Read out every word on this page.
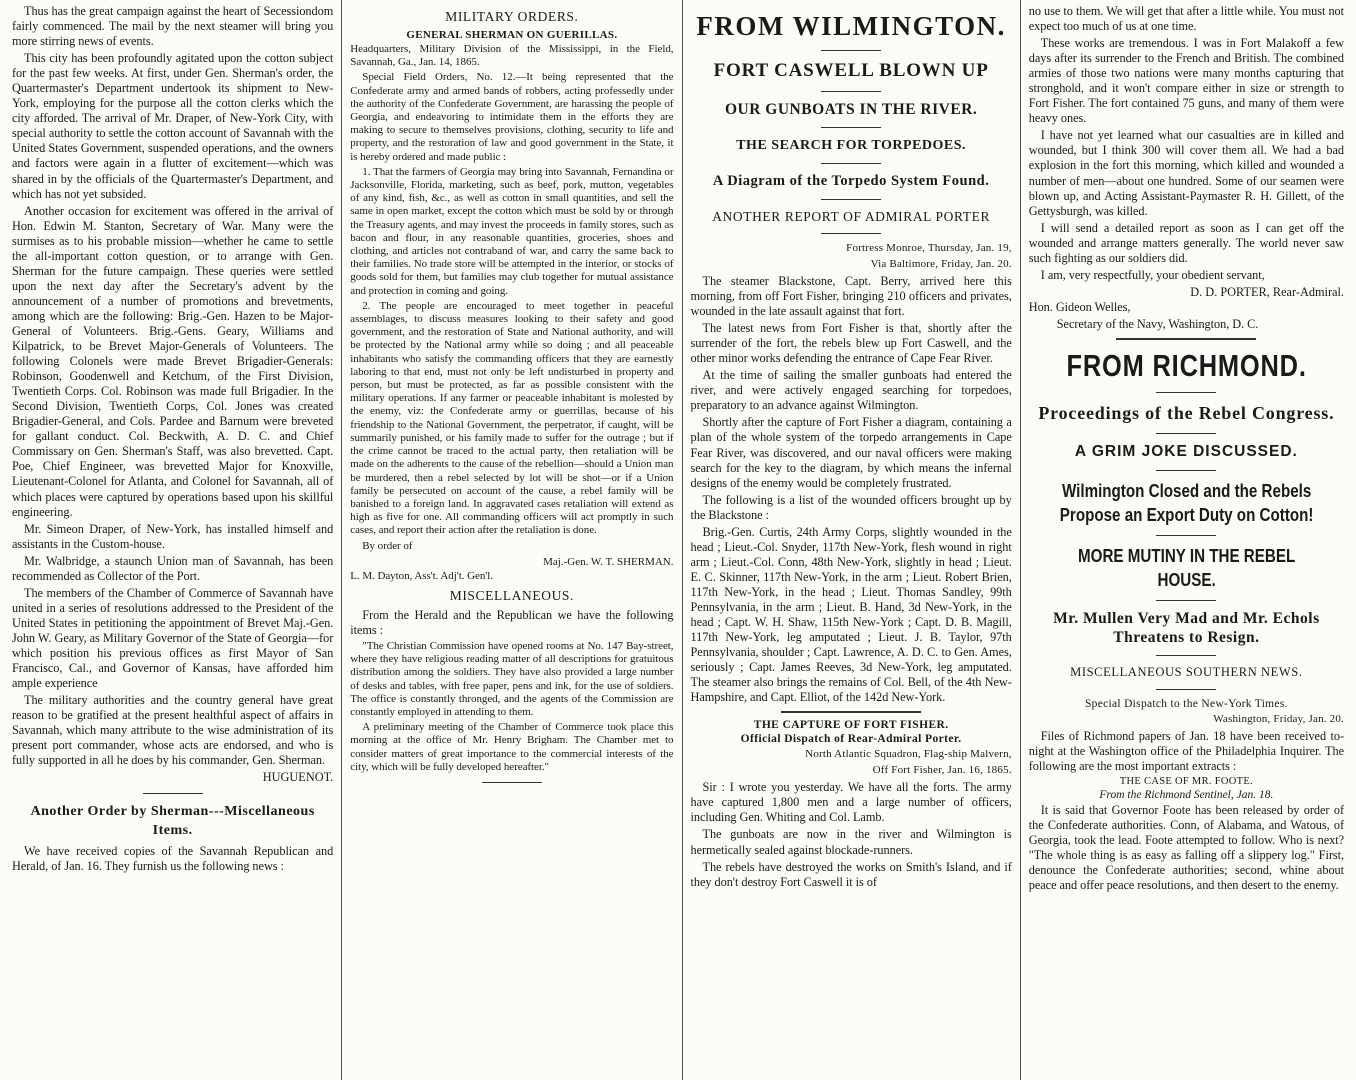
Thus has the great campaign against the heart of Secessiondom fairly commenced. The mail by the next steamer will bring you more stirring news of events.

This city has been profoundly agitated upon the cotton subject for the past few weeks. At first, under Gen. Sherman's order, the Quartermaster's Department undertook its shipment to New-York, employing for the purpose all the cotton clerks which the city afforded. The arrival of Mr. Draper, of New-York City, with special authority to settle the cotton account of Savannah with the United States Government, suspended operations, and the owners and factors were again in a flutter of excitement—which was shared in by the officials of the Quartermaster's Department, and which has not yet subsided.

Another occasion for excitement was offered in the arrival of Hon. Edwin M. Stanton, Secretary of War. Many were the surmises as to his probable mission—whether he came to settle the all-important cotton question, or to arrange with Gen. Sherman for the future campaign. These queries were settled upon the next day after the Secretary's advent by the announcement of a number of promotions and brevetments, among which are the following: Brig.-Gen. Hazen to be Major-General of Volunteers. Brig.-Gens. Geary, Williams and Kilpatrick, to be Brevet Major-Generals of Volunteers. The following Colonels were made Brevet Brigadier-Generals: Robinson, Goodenwell and Ketchum, of the First Division, Twentieth Corps. Col. Robinson was made full Brigadier. In the Second Division, Twentieth Corps, Col. Jones was created Brigadier-General, and Cols. Pardee and Barnum were breveted for gallant conduct. Col. Beckwith, A. D. C. and Chief Commissary on Gen. Sherman's Staff, was also brevetted. Capt. Poe, Chief Engineer, was brevetted Major for Knoxville, Lieutenant-Colonel for Atlanta, and Colonel for Savannah, all of which places were captured by operations based upon his skillful engineering.

Mr. Simeon Draper, of New-York, has installed himself and assistants in the Custom-house.

Mr. Walbridge, a staunch Union man of Savannah, has been recommended as Collector of the Port.

The members of the Chamber of Commerce of Savannah have united in a series of resolutions addressed to the President of the United States in petitioning the appointment of Brevet Maj.-Gen. John W. Geary, as Military Governor of the State of Georgia—for which position his previous offices as first Mayor of San Francisco, Cal., and Governor of Kansas, have afforded him ample experience

The military authorities and the country general have great reason to be gratified at the present healthful aspect of affairs in Savannah, which many attribute to the wise administration of its present port commander, whose acts are endorsed, and who is fully supported in all he does by his commander, Gen. Sherman.

HUGUENOT.

Another Order by Sherman---Miscellaneous Items.

We have received copies of the Savannah Republican and Herald, of Jan. 16. They furnish us the following news :

MILITARY ORDERS.
GENERAL SHERMAN ON GUERILLAS.

Headquarters, Military Division of the Mississippi, in the Field, Savannah, Ga., Jan. 14, 1865.

Special Field Orders, No. 12.—It being represented that the Confederate army and armed bands of robbers, acting professedly under the authority of the Confederate Government, are harassing the people of Georgia, and endeavoring to intimidate them in the efforts they are making to secure to themselves provisions, clothing, security to life and property, and the restoration of law and good government in the State, it is hereby ordered and made public :

1. That the farmers of Georgia may bring into Savannah, Fernandina or Jacksonville, Florida, marketing, such as beef, pork, mutton, vegetables of any kind, fish, &c., as well as cotton in small quantities, and sell the same in open market, except the cotton which must be sold by or through the Treasury agents, and may invest the proceeds in family stores, such as bacon and flour, in any reasonable quantities, groceries, shoes and clothing, and articles not contraband of war, and carry the same back to their families. No trade store will be attempted in the interior, or stocks of goods sold for them, but families may club together for mutual assistance and protection in coming and going.

2. The people are encouraged to meet together in peaceful assemblages, to discuss measures looking to their safety and good government, and the restoration of State and National authority, and will be protected by the National army while so doing ; and all peaceable inhabitants who satisfy the commanding officers that they are earnestly laboring to that end, must not only be left undisturbed in property and person, but must be protected, as far as possible consistent with the military operations. If any farmer or peaceable inhabitant is molested by the enemy, viz: the Confederate army or guerrillas, because of his friendship to the National Government, the perpetrator, if caught, will be summarily punished, or his family made to suffer for the outrage ; but if the crime cannot be traced to the actual party, then retaliation will be made on the adherents to the cause of the rebellion—should a Union man be murdered, then a rebel selected by lot will be shot—or if a Union family be persecuted on account of the cause, a rebel family will be banished to a foreign land. In aggravated cases retaliation will extend as high as five for one. All commanding officers will act promptly in such cases, and report their action after the retaliation is done.

By order of

Maj.-Gen. W. T. SHERMAN.

L. M. Dayton, Ass't. Adj't. Gen'l.

MISCELLANEOUS.

From the Herald and the Republican we have the following items :

"The Christian Commission have opened rooms at No. 147 Bay-street, where they have religious reading matter of all descriptions for gratuitous distribution among the soldiers. They have also provided a large number of desks and tables, with free paper, pens and ink, for the use of soldiers. The office is constantly thronged, and the agents of the Commission are constantly employed in attending to them.

A preliminary meeting of the Chamber of Commerce took place this morning at the office of Mr. Henry Brigham. The Chamber met to consider matters of great importance to the commercial interests of the city, which will be fully developed hereafter."

FROM WILMINGTON.
FORT CASWELL BLOWN UP
OUR GUNBOATS IN THE RIVER.
THE SEARCH FOR TORPEDOES.
A Diagram of the Torpedo System Found.
ANOTHER REPORT OF ADMIRAL PORTER

Fortress Monroe, Thursday, Jan. 19,

Via Baltimore, Friday, Jan. 20.

The steamer Blackstone, Capt. Berry, arrived here this morning, from off Fort Fisher, bringing 210 officers and privates, wounded in the late assault against that fort.

The latest news from Fort Fisher is that, shortly after the surrender of the fort, the rebels blew up Fort Caswell, and the other minor works defending the entrance of Cape Fear River.

At the time of sailing the smaller gunboats had entered the river, and were actively engaged searching for torpedoes, preparatory to an advance against Wilmington.

Shortly after the capture of Fort Fisher a diagram, containing a plan of the whole system of the torpedo arrangements in Cape Fear River, was discovered, and our naval officers were making search for the key to the diagram, by which means the infernal designs of the enemy would be completely frustrated.

The following is a list of the wounded officers brought up by the Blackstone :

Brig.-Gen. Curtis, 24th Army Corps, slightly wounded in the head ; Lieut.-Col. Snyder, 117th New-York, flesh wound in right arm ; Lieut.-Col. Conn, 48th New-York, slightly in head ; Lieut. E. C. Skinner, 117th New-York, in the arm ; Lieut. Robert Brien, 117th New-York, in the head ; Lieut. Thomas Sandley, 99th Pennsylvania, in the arm ; Lieut. B. Hand, 3d New-York, in the head ; Capt. W. H. Shaw, 115th New-York ; Capt. D. B. Magill, 117th New-York, leg amputated ; Lieut. J. B. Taylor, 97th Pennsylvania, shoulder ; Capt. Lawrence, A. D. C. to Gen. Ames, seriously ; Capt. James Reeves, 3d New-York, leg amputated. The steamer also brings the remains of Col. Bell, of the 4th New-Hampshire, and Capt. Elliot, of the 142d New-York.

THE CAPTURE OF FORT FISHER.
Official Dispatch of Rear-Admiral Porter.

North Atlantic Squadron, Flag-ship Malvern,

Off Fort Fisher, Jan. 16, 1865.

Sir : I wrote you yesterday. We have all the forts. The army have captured 1,800 men and a large number of officers, including Gen. Whiting and Col. Lamb.

The gunboats are now in the river and Wilmington is hermetically sealed against blockade-runners.

The rebels have destroyed the works on Smith's Island, and if they don't destroy Fort Caswell it is of

no use to them. We will get that after a little while. You must not expect too much of us at one time.

These works are tremendous. I was in Fort Malakoff a few days after its surrender to the French and British. The combined armies of those two nations were many months capturing that stronghold, and it won't compare either in size or strength to Fort Fisher. The fort contained 75 guns, and many of them were heavy ones.

I have not yet learned what our casualties are in killed and wounded, but I think 300 will cover them all. We had a bad explosion in the fort this morning, which killed and wounded a number of men—about one hundred. Some of our seamen were blown up, and Acting Assistant-Paymaster R. H. Gillett, of the Gettysburgh, was killed.

I will send a detailed report as soon as I can get off the wounded and arrange matters generally. The world never saw such fighting as our soldiers did.

I am, very respectfully, your obedient servant,

D. D. PORTER, Rear-Admiral.

Hon. Gideon Welles,

Secretary of the Navy, Washington, D. C.

FROM RICHMOND.
Proceedings of the Rebel Congress.
A GRIM JOKE DISCUSSED.
Wilmington Closed and the Rebels Propose an Export Duty on Cotton!
MORE MUTINY IN THE REBEL HOUSE.
Mr. Mullen Very Mad and Mr. Echols Threatens to Resign.
MISCELLANEOUS SOUTHERN NEWS.
Special Dispatch to the New-York Times.

Washington, Friday, Jan. 20.

Files of Richmond papers of Jan. 18 have been received to-night at the Washington office of the Philadelphia Inquirer. The following are the most important extracts :

THE CASE OF MR. FOOTE.
From the Richmond Sentinel, Jan. 18.

It is said that Governor Foote has been released by order of the Confederate authorities. Conn, of Alabama, and Watous, of Georgia, took the lead. Foote attempted to follow. Who is next? "The whole thing is as easy as falling off a slippery log." First, denounce the Confederate authorities; second, whine about peace and offer peace resolutions, and then desert to the enemy.
